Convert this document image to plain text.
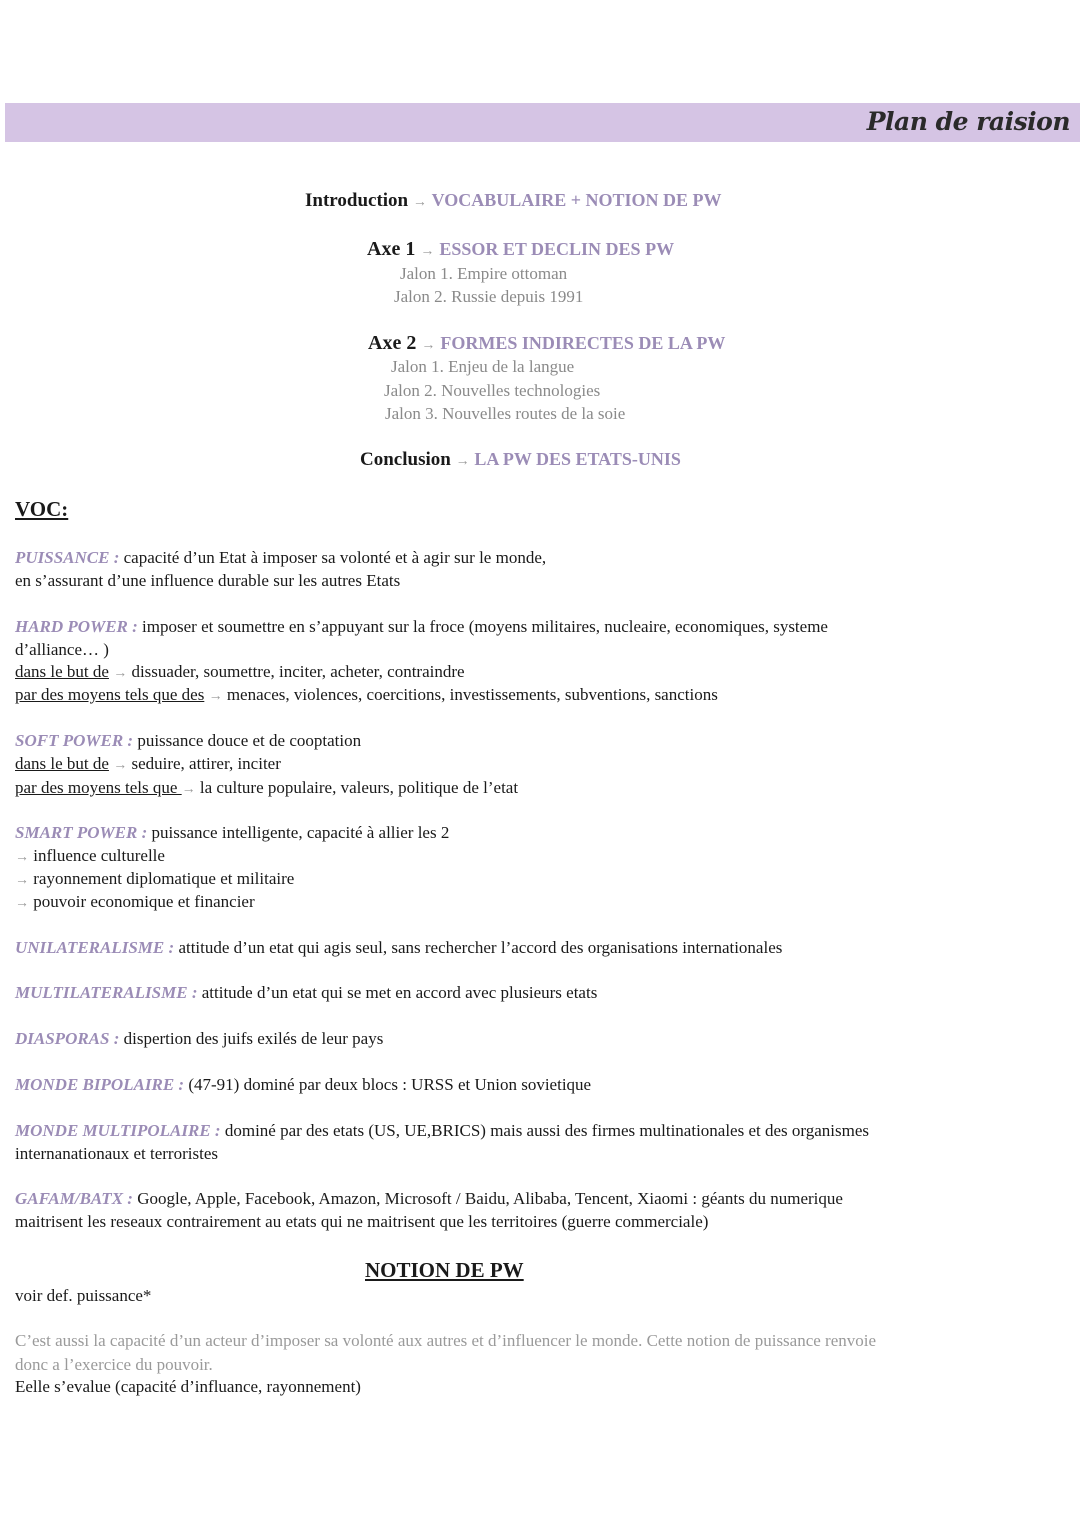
Plan de raision
Introduction → VOCABULAIRE + NOTION DE PW
Axe 1 → ESSOR ET DECLIN DES PW
Jalon 1. Empire ottoman
Jalon 2. Russie depuis 1991
Axe 2 → FORMES INDIRECTES DE LA PW
Jalon 1. Enjeu de la langue
Jalon 2. Nouvelles technologies
Jalon 3. Nouvelles routes de la soie
Conclusion → LA PW DES ETATS-UNIS
VOC:
PUISSANCE : capacité d’un Etat à imposer sa volonté et à agir sur le monde,
en s’assurant d’une influence durable sur les autres Etats
HARD POWER : imposer et soumettre en s’appuyant sur la froce (moyens militaires, nucleaire, economiques, systeme
d’alliance… )
dans le but de → dissuader, soumettre, inciter, acheter, contraindre
par des moyens tels que des → menaces, violences, coercitions, investissements, subventions, sanctions
SOFT POWER : puissance douce et de cooptation
dans le but de → seduire, attirer, inciter
par des moyens tels que → la culture populaire, valeurs, politique de l’etat
SMART POWER : puissance intelligente, capacité à allier les 2
→ influence culturelle
→ rayonnement diplomatique et militaire
→ pouvoir economique et financier
UNILATERALISME : attitude d’un etat qui agis seul, sans rechercher l’accord des organisations internationales
MULTILATERALISME : attitude d’un etat qui se met en accord avec plusieurs etats
DIASPORAS : dispertion des juifs exilés de leur pays
MONDE BIPOLAIRE : (47-91) dominé par deux blocs : URSS et Union sovietique
MONDE MULTIPOLAIRE : dominé par des etats (US, UE,BRICS) mais aussi des firmes multinationales et des organismes
internanationaux et terroristes
GAFAM/BATX : Google, Apple, Facebook, Amazon, Microsoft / Baidu, Alibaba, Tencent, Xiaomi : géants du numerique
maitrisent les reseaux contrairement au etats qui ne maitrisent que les territoires (guerre commerciale)
NOTION DE PW
voir def. puissance*
C’est aussi la capacité d’un acteur d’imposer sa volonté aux autres et d’influencer le monde. Cette notion de puissance renvoie
donc a l’exercice du pouvoir.
Eelle s’evalue (capacité d’influance, rayonnement)
